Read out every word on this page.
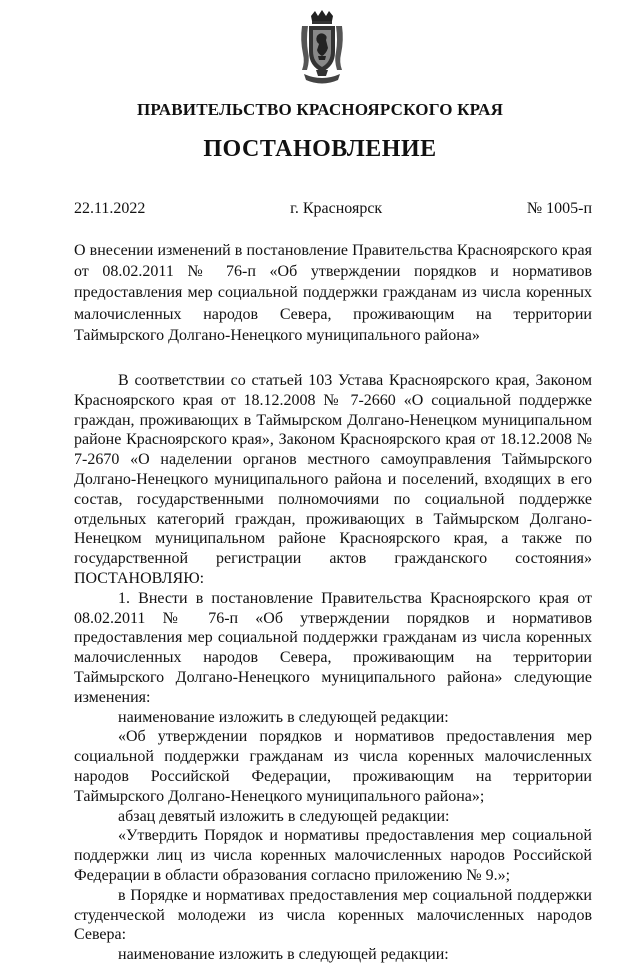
ПРАВИТЕЛЬСТВО КРАСНОЯРСКОГО КРАЯ
ПОСТАНОВЛЕНИЕ
22.11.2022	г. Красноярск	№ 1005-п
О внесении изменений в постановление Правительства Красноярского края от 08.02.2011 № 76-п «Об утверждении порядков и нормативов предоставления мер социальной поддержки гражданам из числа коренных малочисленных народов Севера, проживающим на территории Таймырского Долгано-Ненецкого муниципального района»

В соответствии со статьей 103 Устава Красноярского края, Законом Красноярского края от 18.12.2008 № 7-2660 «О социальной поддержке граждан, проживающих в Таймырском Долгано-Ненецком муниципальном районе Красноярского края», Законом Красноярского края от 18.12.2008 № 7-2670 «О наделении органов местного самоуправления Таймырского Долгано-Ненецкого муниципального района и поселений, входящих в его состав, государственными полномочиями по социальной поддержке отдельных категорий граждан, проживающих в Таймырском Долгано-Ненецком муниципальном районе Красноярского края, а также по государственной регистрации актов гражданского состояния» ПОСТАНОВЛЯЮ:

1. Внести в постановление Правительства Красноярского края от 08.02.2011 № 76-п «Об утверждении порядков и нормативов предоставления мер социальной поддержки гражданам из числа коренных малочисленных народов Севера, проживающим на территории Таймырского Долгано-Ненецкого муниципального района» следующие изменения:

наименование изложить в следующей редакции:

«Об утверждении порядков и нормативов предоставления мер социальной поддержки гражданам из числа коренных малочисленных народов Российской Федерации, проживающим на территории Таймырского Долгано-Ненецкого муниципального района»;

абзац девятый изложить в следующей редакции:

«Утвердить Порядок и нормативы предоставления мер социальной поддержки лиц из числа коренных малочисленных народов Российской Федерации в области образования согласно приложению № 9.»;

в Порядке и нормативах предоставления мер социальной поддержки студенческой молодежи из числа коренных малочисленных народов Севера:

наименование изложить в следующей редакции:
